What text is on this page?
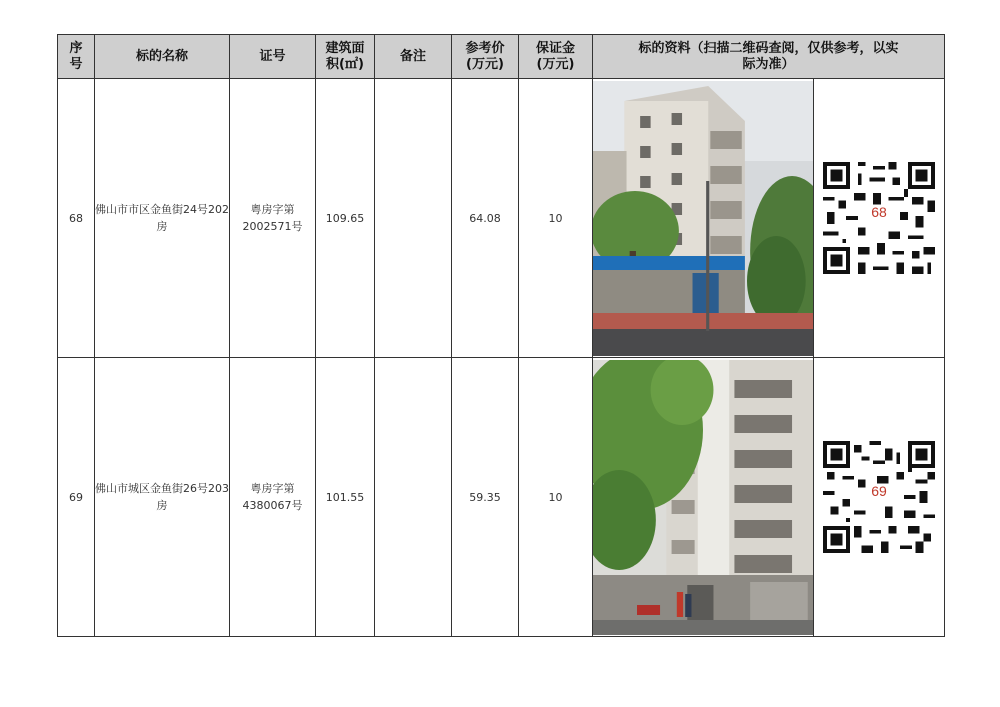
序号	标的名称	证号	建筑面积(㎡)	备注	参考价(万元)	保证金(万元)	标的资料（扫描二维码查阅，仅供参考，以实际为准）	
68	佛山市市区金鱼街24号202房	粤房字第2002571号	109.65		64.08	10		68

69	佛山市城区金鱼街26号203房	粤房字第4380067号	101.55		59.35	10		69
